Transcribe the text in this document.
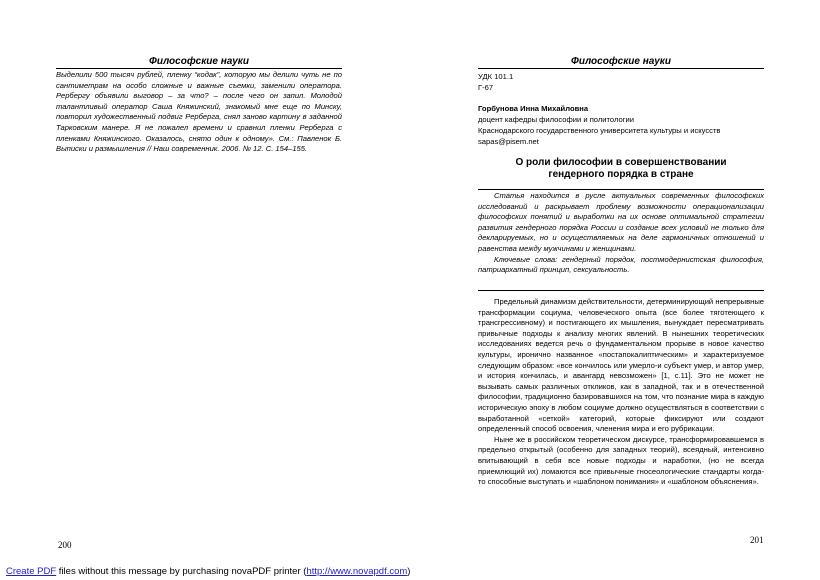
Философские науки
Выделили 500 тысяч рублей, пленку “кодак”, которую мы делили чуть не по сантиметрам на особо сложные и важные съемки, заменили оператора. Рербергу объявили выговор – за что? – после чего он запил. Молодой талантливый оператор Саша Княжинский, знакомый мне еще по Минску, повторил художественный подвиг Рерберга, снял заново картину в заданной Тарковским манере. Я не пожалел времени и сравнил пленки Рерберга с пленками Княжинского. Оказалось, снято один к одному». См.: Павленок Б. Выписки и размышления // Наш современник. 2006. № 12. С. 154–155.
200
Философские науки
УДК 101.1
Г-67
Горбунова Инна Михайловна
доцент кафедры философии и политологии
Краснодарского государственного университета культуры и искусств
sapas@pisem.net
О роли философии в совершенствовании
гендерного порядка в стране

Статья находится в русле актуальных современных философских исследований и раскрывает проблему возможности операционализации философских понятий и выработки на их основе оптимальной стратегии развития гендерного порядка России и создание всех условий не только для декларируемых, но и осуществляемых на деле гармоничных отношений и равенства между мужчинами и женщинами.

Ключевые слова: гендерный порядок, постмодернистская философия, патриархатный принцип, сексуальность.

Предельный динамизм действительности, детерминирующий непрерывные трансформации социума, человеческого опыта (все более тяготеющего к трансгрессивному) и постигающего их мышления, вынуждает пересматривать привычные подходы к анализу многих явлений. В нынешних теоретических исследованиях ведется речь о фундаментальном прорыве в новое качество культуры, иронично названное «постапокалиптическим» и характеризуемое следующим образом: «все кончилось или умерло-и субъект умер, и автор умер, и история кончилась, и авангард невозможен» [1, с.11]. Это не может не вызывать самых различных откликов, как в западной, так и в отечественной философии, традиционно базировавшихся на том, что познание мира в каждую историческую эпоху в любом социуме должно осуществляться в соответствии с выработанной «сеткой» категорий, которые фиксируют или создают определенный способ освоения, членения мира и его рубрикации.

Ныне же в российском теоретическом дискурсе, трансформировавшемся в предельно открытый (особенно для западных теорий), всеядный, интенсивно впитывающий в себя все новые подходы и наработки, (но не всегда приемлющий их) ломаются все привычные гносеологические стандарты когда-то способные выступать и «шаблоном понимания» и «шаблоном объяснения».

201
Create PDF files without this message by purchasing novaPDF printer (http://www.novapdf.com)
